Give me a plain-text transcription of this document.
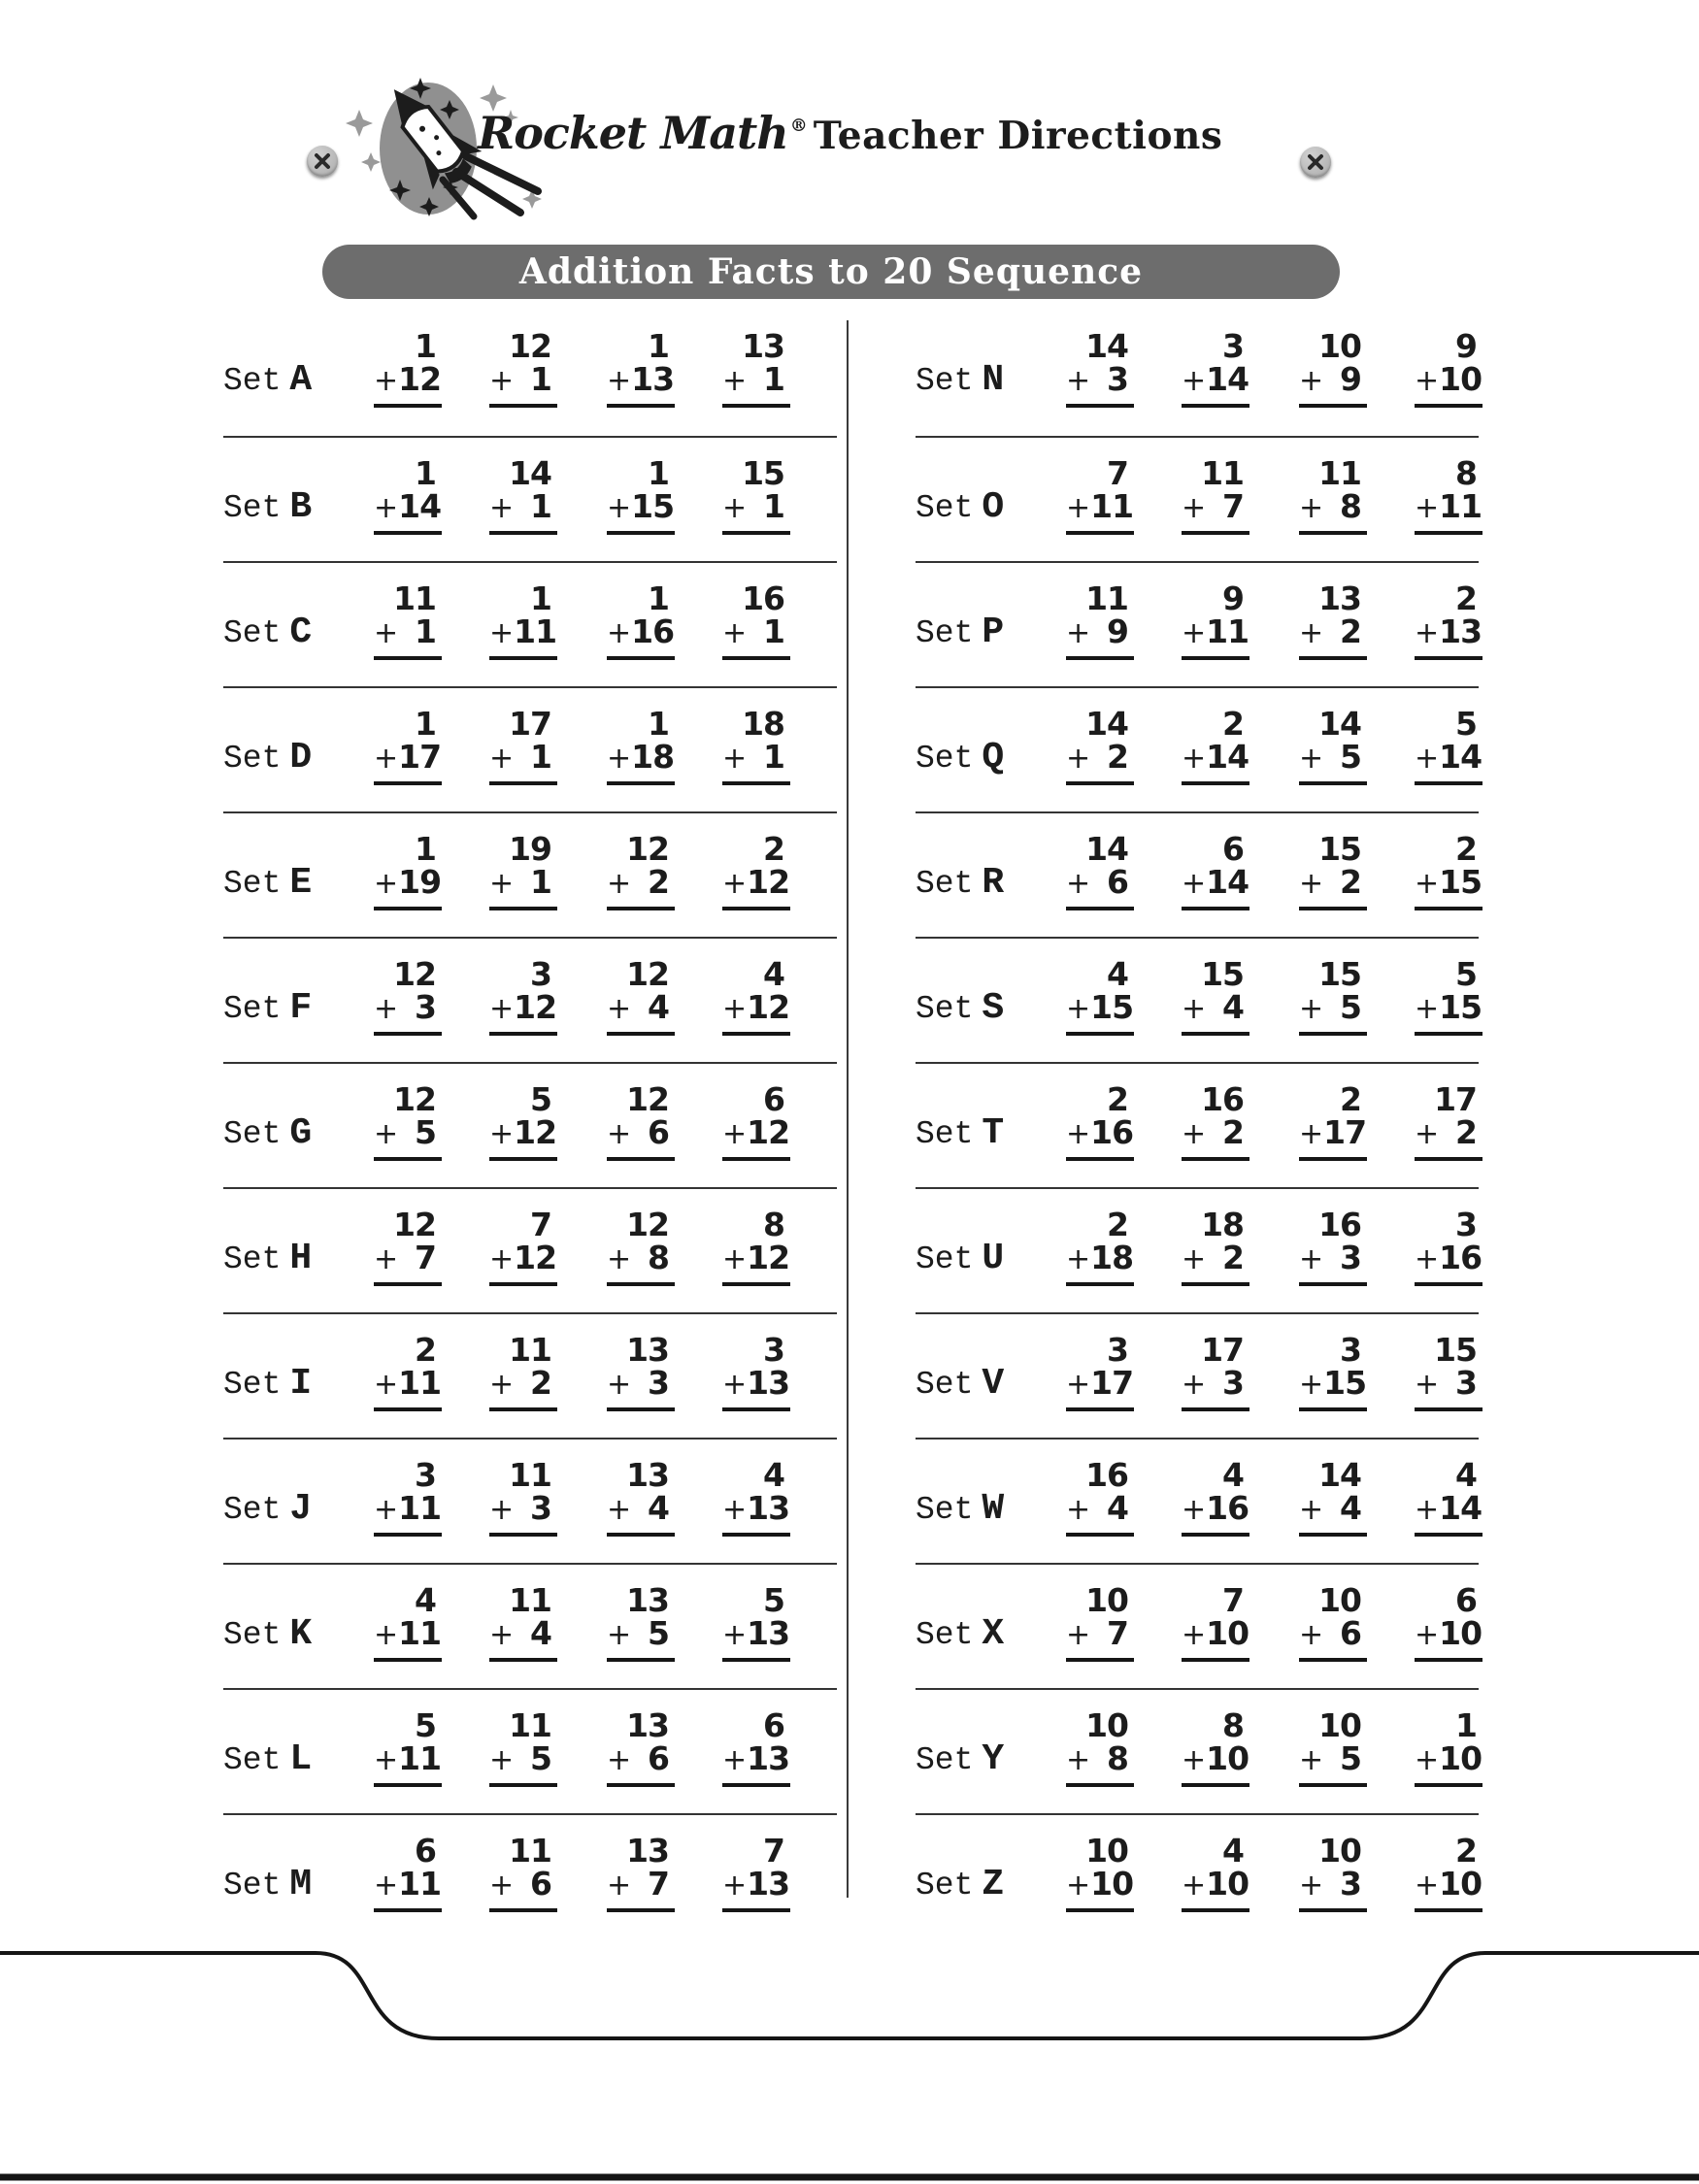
Rocket Math ® Teacher Directions
Addition Facts to 20 Sequence
Set A
1
+ 12
12
+ 1
1
+ 13
13
+ 1
Set B
1
+ 14
14
+ 1
1
+ 15
15
+ 1
Set C
11
+ 1
1
+ 11
1
+ 16
16
+ 1
Set D
1
+ 17
17
+ 1
1
+ 18
18
+ 1
Set E
1
+ 19
19
+ 1
12
+ 2
2
+ 12
Set F
12
+ 3
3
+ 12
12
+ 4
4
+ 12
Set G
12
+ 5
5
+ 12
12
+ 6
6
+ 12
Set H
12
+ 7
7
+ 12
12
+ 8
8
+ 12
Set I
2
+ 11
11
+ 2
13
+ 3
3
+ 13
Set J
3
+ 11
11
+ 3
13
+ 4
4
+ 13
Set K
4
+ 11
11
+ 4
13
+ 5
5
+ 13
Set L
5
+ 11
11
+ 5
13
+ 6
6
+ 13
Set M
6
+ 11
11
+ 6
13
+ 7
7
+ 13
Set N
14
+ 3
3
+ 14
10
+ 9
9
+ 10
Set O
7
+ 11
11
+ 7
11
+ 8
8
+ 11
Set P
11
+ 9
9
+ 11
13
+ 2
2
+ 13
Set Q
14
+ 2
2
+ 14
14
+ 5
5
+ 14
Set R
14
+ 6
6
+ 14
15
+ 2
2
+ 15
Set S
4
+ 15
15
+ 4
15
+ 5
5
+ 15
Set T
2
+ 16
16
+ 2
2
+ 17
17
+ 2
Set U
2
+ 18
18
+ 2
16
+ 3
3
+ 16
Set V
3
+ 17
17
+ 3
3
+ 15
15
+ 3
Set W
16
+ 4
4
+ 16
14
+ 4
4
+ 14
Set X
10
+ 7
7
+ 10
10
+ 6
6
+ 10
Set Y
10
+ 8
8
+ 10
10
+ 5
1
+ 10
Set Z
10
+ 10
4
+ 10
10
+ 3
2
+ 10
